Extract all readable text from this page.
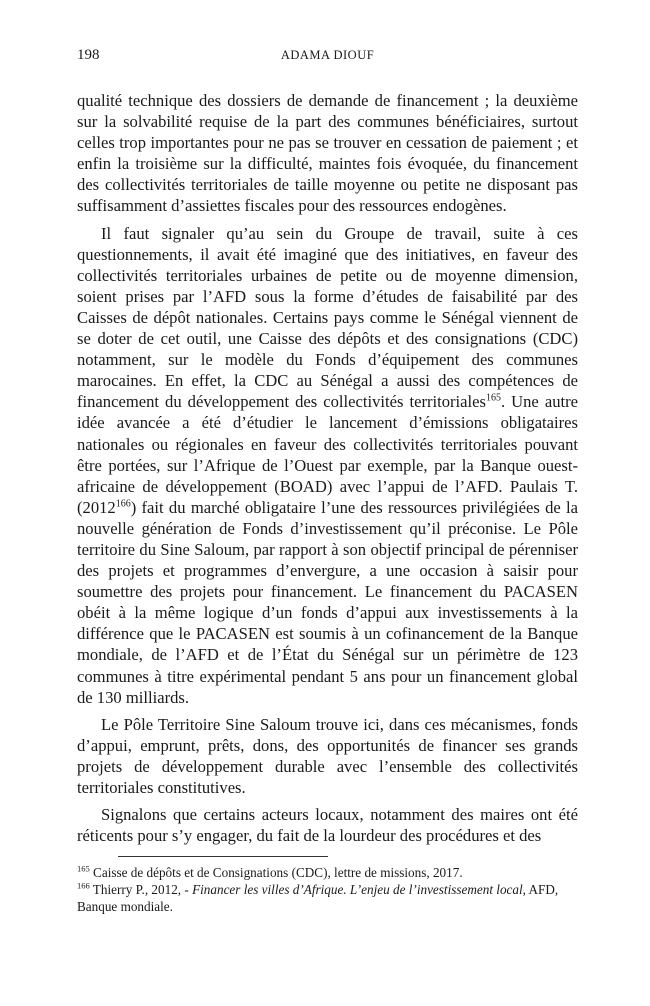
198	ADAMA DIOUF

qualité technique des dossiers de demande de financement ; la deuxième sur la solvabilité requise de la part des communes bénéficiaires, surtout celles trop importantes pour ne pas se trouver en cessation de paiement ; et enfin la troisième sur la difficulté, maintes fois évoquée, du financement des collectivités territoriales de taille moyenne ou petite ne disposant pas suffisamment d’assiettes fiscales pour des ressources endogènes.

Il faut signaler qu’au sein du Groupe de travail, suite à ces questionnements, il avait été imaginé que des initiatives, en faveur des collectivités territoriales urbaines de petite ou de moyenne dimension, soient prises par l’AFD sous la forme d’études de faisabilité par des Caisses de dépôt nationales. Certains pays comme le Sénégal viennent de se doter de cet outil, une Caisse des dépôts et des consignations (CDC) notamment, sur le modèle du Fonds d’équipement des communes marocaines. En effet, la CDC au Sénégal a aussi des compétences de financement du développement des collectivités territoriales$^{165}$. Une autre idée avancée a été d’étudier le lancement d’émissions obligataires nationales ou régionales en faveur des collectivités territoriales pouvant être portées, sur l’Afrique de l’Ouest par exemple, par la Banque ouest-africaine de développement (BOAD) avec l’appui de l’AFD. Paulais T. (2012$^{166}$) fait du marché obligataire l’une des ressources privilégiées de la nouvelle génération de Fonds d’investissement qu’il préconise. Le Pôle territoire du Sine Saloum, par rapport à son objectif principal de pérenniser des projets et programmes d’envergure, a une occasion à saisir pour soumettre des projets pour financement. Le financement du PACASEN obéit à la même logique d’un fonds d’appui aux investissements à la différence que le PACASEN est soumis à un cofinancement de la Banque mondiale, de l’AFD et de l’État du Sénégal sur un périmètre de 123 communes à titre expérimental pendant 5 ans pour un financement global de 130 milliards.

Le Pôle Territoire Sine Saloum trouve ici, dans ces mécanismes, fonds d’appui, emprunt, prêts, dons, des opportunités de financer ses grands projets de développement durable avec l’ensemble des collectivités territoriales constitutives.

Signalons que certains acteurs locaux, notamment des maires ont été réticents pour s’y engager, du fait de la lourdeur des procédures et des

$^{165}$ Caisse de dépôts et de Consignations (CDC), lettre de missions, 2017.

$^{166}$ Thierry P., 2012, - Financer les villes d’Afrique. L’enjeu de l’investissement local, AFD, Banque mondiale.
